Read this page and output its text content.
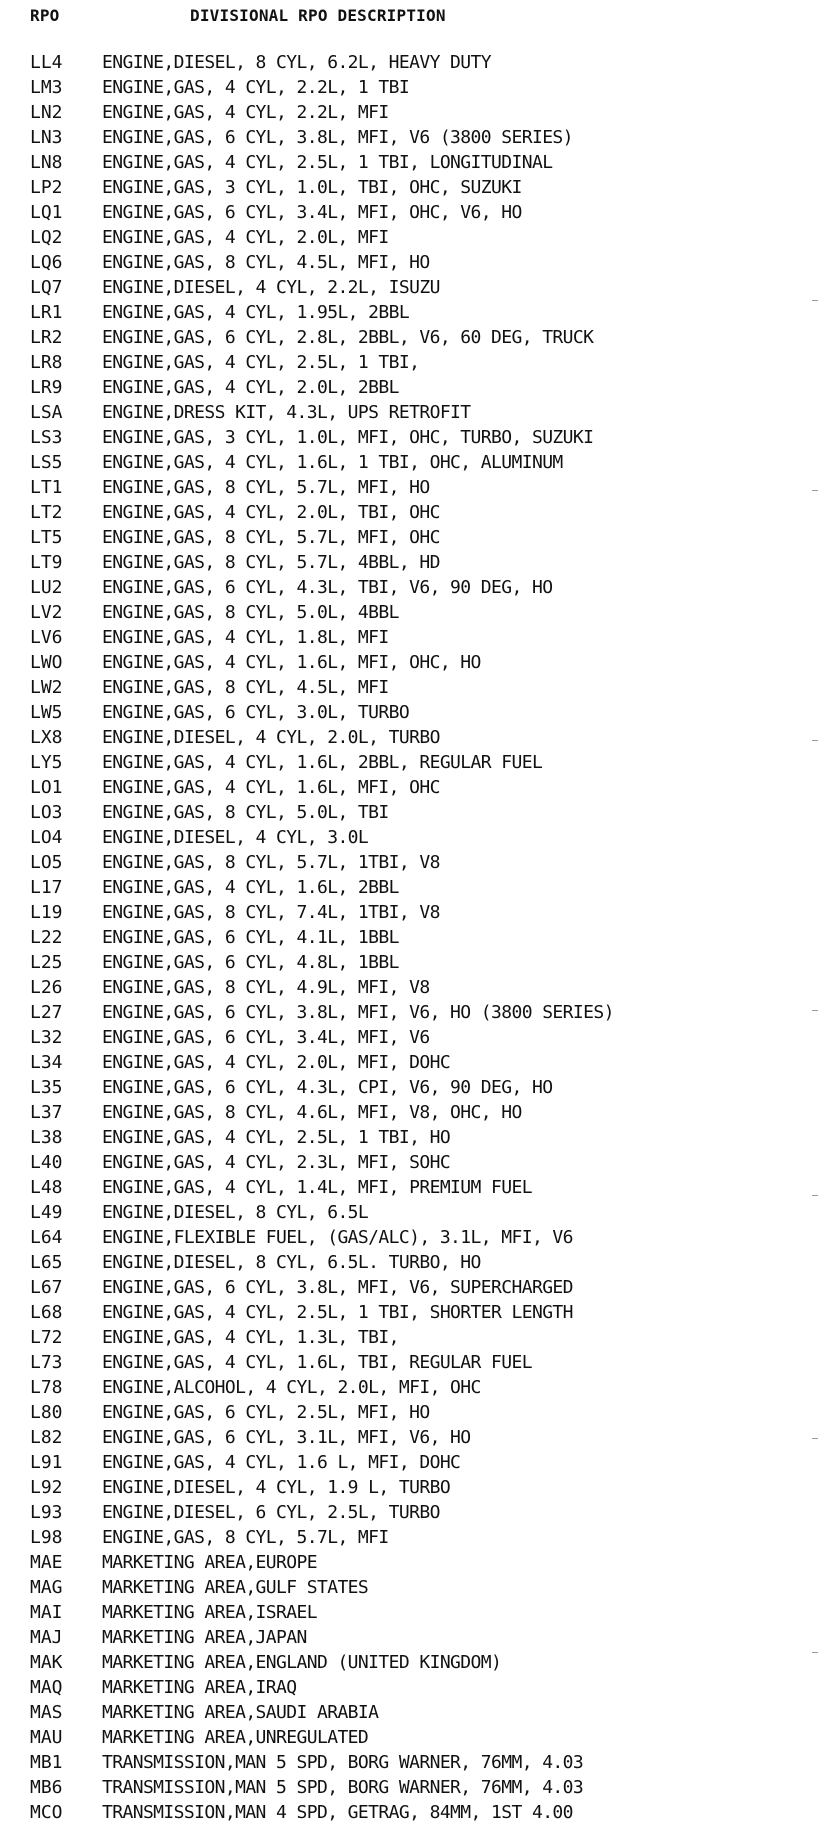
RPO	DIVISIONAL RPO DESCRIPTION
LL4	ENGINE,DIESEL, 8 CYL, 6.2L, HEAVY DUTY
LM3	ENGINE,GAS, 4 CYL, 2.2L, 1 TBI
LN2	ENGINE,GAS, 4 CYL, 2.2L, MFI
LN3	ENGINE,GAS, 6 CYL, 3.8L, MFI, V6 (3800 SERIES)
LN8	ENGINE,GAS, 4 CYL, 2.5L, 1 TBI, LONGITUDINAL
LP2	ENGINE,GAS, 3 CYL, 1.0L, TBI, OHC, SUZUKI
LQ1	ENGINE,GAS, 6 CYL, 3.4L, MFI, OHC, V6, HO
LQ2	ENGINE,GAS, 4 CYL, 2.0L, MFI
LQ6	ENGINE,GAS, 8 CYL, 4.5L, MFI, HO
LQ7	ENGINE,DIESEL, 4 CYL, 2.2L, ISUZU
LR1	ENGINE,GAS, 4 CYL, 1.95L, 2BBL
LR2	ENGINE,GAS, 6 CYL, 2.8L, 2BBL, V6, 60 DEG, TRUCK
LR8	ENGINE,GAS, 4 CYL, 2.5L, 1 TBI,
LR9	ENGINE,GAS, 4 CYL, 2.0L, 2BBL
LSA	ENGINE,DRESS KIT, 4.3L, UPS RETROFIT
LS3	ENGINE,GAS, 3 CYL, 1.0L, MFI, OHC, TURBO, SUZUKI
LS5	ENGINE,GAS, 4 CYL, 1.6L, 1 TBI, OHC, ALUMINUM
LT1	ENGINE,GAS, 8 CYL, 5.7L, MFI, HO
LT2	ENGINE,GAS, 4 CYL, 2.0L, TBI, OHC
LT5	ENGINE,GAS, 8 CYL, 5.7L, MFI, OHC
LT9	ENGINE,GAS, 8 CYL, 5.7L, 4BBL, HD
LU2	ENGINE,GAS, 6 CYL, 4.3L, TBI, V6, 90 DEG, HO
LV2	ENGINE,GAS, 8 CYL, 5.0L, 4BBL
LV6	ENGINE,GAS, 4 CYL, 1.8L, MFI
LWO	ENGINE,GAS, 4 CYL, 1.6L, MFI, OHC, HO
LW2	ENGINE,GAS, 8 CYL, 4.5L, MFI
LW5	ENGINE,GAS, 6 CYL, 3.0L, TURBO
LX8	ENGINE,DIESEL, 4 CYL, 2.0L, TURBO
LY5	ENGINE,GAS, 4 CYL, 1.6L, 2BBL, REGULAR FUEL
LO1	ENGINE,GAS, 4 CYL, 1.6L, MFI, OHC
LO3	ENGINE,GAS, 8 CYL, 5.0L, TBI
LO4	ENGINE,DIESEL, 4 CYL, 3.0L
LO5	ENGINE,GAS, 8 CYL, 5.7L, 1TBI, V8
L17	ENGINE,GAS, 4 CYL, 1.6L, 2BBL
L19	ENGINE,GAS, 8 CYL, 7.4L, 1TBI, V8
L22	ENGINE,GAS, 6 CYL, 4.1L, 1BBL
L25	ENGINE,GAS, 6 CYL, 4.8L, 1BBL
L26	ENGINE,GAS, 8 CYL, 4.9L, MFI, V8
L27	ENGINE,GAS, 6 CYL, 3.8L, MFI, V6, HO (3800 SERIES)
L32	ENGINE,GAS, 6 CYL, 3.4L, MFI, V6
L34	ENGINE,GAS, 4 CYL, 2.0L, MFI, DOHC
L35	ENGINE,GAS, 6 CYL, 4.3L, CPI, V6, 90 DEG, HO
L37	ENGINE,GAS, 8 CYL, 4.6L, MFI, V8, OHC, HO
L38	ENGINE,GAS, 4 CYL, 2.5L, 1 TBI, HO
L40	ENGINE,GAS, 4 CYL, 2.3L, MFI, SOHC
L48	ENGINE,GAS, 4 CYL, 1.4L, MFI, PREMIUM FUEL
L49	ENGINE,DIESEL, 8 CYL, 6.5L
L64	ENGINE,FLEXIBLE FUEL, (GAS/ALC), 3.1L, MFI, V6
L65	ENGINE,DIESEL, 8 CYL, 6.5L. TURBO, HO
L67	ENGINE,GAS, 6 CYL, 3.8L, MFI, V6, SUPERCHARGED
L68	ENGINE,GAS, 4 CYL, 2.5L, 1 TBI, SHORTER LENGTH
L72	ENGINE,GAS, 4 CYL, 1.3L, TBI,
L73	ENGINE,GAS, 4 CYL, 1.6L, TBI, REGULAR FUEL
L78	ENGINE,ALCOHOL, 4 CYL, 2.0L, MFI, OHC
L80	ENGINE,GAS, 6 CYL, 2.5L, MFI, HO
L82	ENGINE,GAS, 6 CYL, 3.1L, MFI, V6, HO
L91	ENGINE,GAS, 4 CYL, 1.6 L, MFI, DOHC
L92	ENGINE,DIESEL, 4 CYL, 1.9 L, TURBO
L93	ENGINE,DIESEL, 6 CYL, 2.5L, TURBO
L98	ENGINE,GAS, 8 CYL, 5.7L, MFI
MAE	MARKETING AREA,EUROPE
MAG	MARKETING AREA,GULF STATES
MAI	MARKETING AREA,ISRAEL
MAJ	MARKETING AREA,JAPAN
MAK	MARKETING AREA,ENGLAND (UNITED KINGDOM)
MAQ	MARKETING AREA,IRAQ
MAS	MARKETING AREA,SAUDI ARABIA
MAU	MARKETING AREA,UNREGULATED
MB1	TRANSMISSION,MAN 5 SPD, BORG WARNER, 76MM, 4.03
MB6	TRANSMISSION,MAN 5 SPD, BORG WARNER, 76MM, 4.03
MCO	TRANSMISSION,MAN 4 SPD, GETRAG, 84MM, 1ST 4.00
